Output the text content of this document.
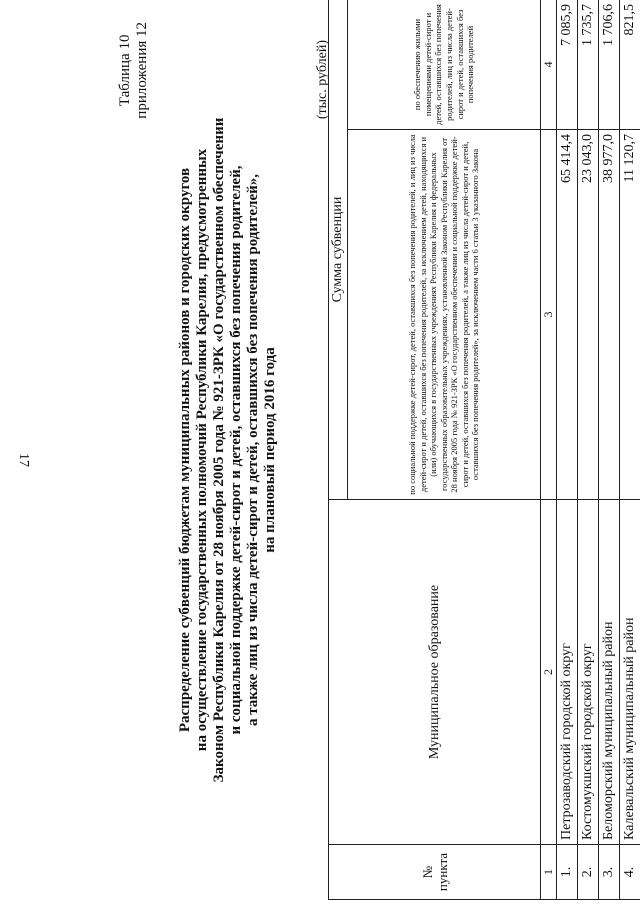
17
Таблица 10 приложения 12
Распределение субвенций бюджетам муниципальных районов и городских округов на осуществление государственных полномочий Республики Карелия, предусмотренных Законом Республики Карелия от 28 ноября 2005 года № 921-ЗРК «О государственном обеспечении и социальной поддержке детей-сирот и детей, оставшихся без попечения родителей, а также лиц из числа детей-сирот и детей, оставшихся без попечения родителей», на плановый период 2016 года
(тыс. рублей)
№ пункта	Муниципальное образование	Сумма субвенции	
		по социальной поддержке детей-сирот, детей, оставшихся без попечения родителей, и лиц из числа детей-сирот и детей, оставшихся без попечения родителей, за исключением детей, находящихся и (или) обучающихся в государственных учреждениях Республики Карелия и федеральных государственных образовательных учреждениях, установленной Законом Республики Карелия от 28 ноября 2005 года № 921-ЗРК «О государственном обеспечении и социальной поддержке детей-сирот и детей, оставшихся без попечения родителей, а также лиц из числа детей-сирот и детей, оставшихся без попечения родителей», за исключением части 6 статьи 3 указанного Закона	по обеспечению жилыми помещениями детей-сирот и детей, оставшихся без попечения родителей, лиц из числа детей-сирот и детей, оставшихся без попечения родителей
1	2	3	4
1.	Петрозаводский городской округ	65 414,4	7 085,9
2.	Костомукшский городской округ	23 043,0	1 735,7
3.	Беломорский муниципальный район	38 977,0	1 706,6
4.	Калевальский муниципальный район	11 120,7	821,5
